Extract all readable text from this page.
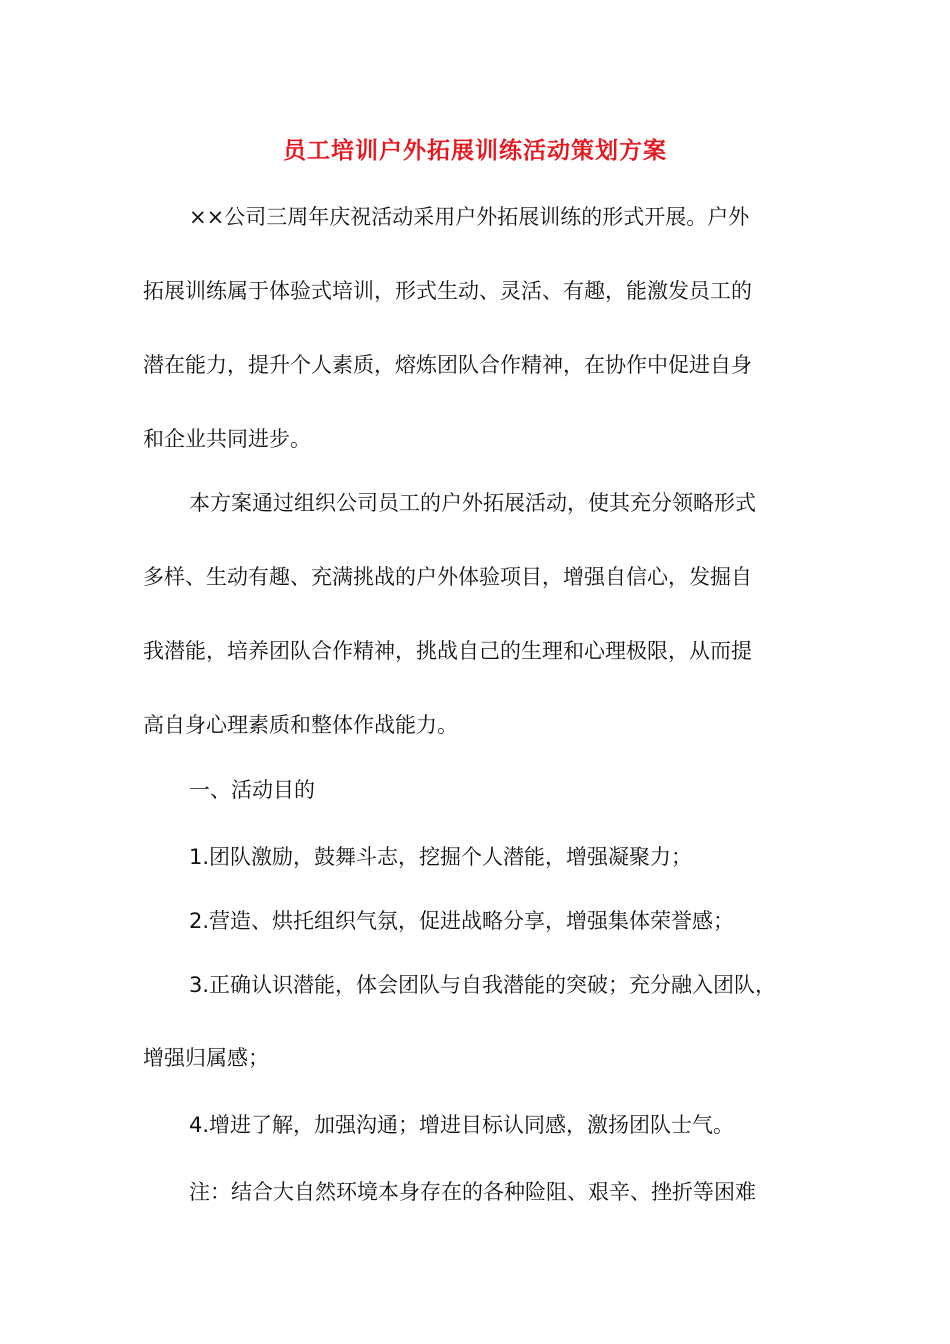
员工培训户外拓展训练活动策划方案
××公司三周年庆祝活动采用户外拓展训练的形式开展。户外
拓展训练属于体验式培训，形式生动、灵活、有趣，能激发员工的
潜在能力，提升个人素质，熔炼团队合作精神，在协作中促进自身
和企业共同进步。
本方案通过组织公司员工的户外拓展活动，使其充分领略形式
多样、生动有趣、充满挑战的户外体验项目，增强自信心，发掘自
我潜能，培养团队合作精神，挑战自己的生理和心理极限，从而提
高自身心理素质和整体作战能力。
一、活动目的
1.团队激励，鼓舞斗志，挖掘个人潜能，增强凝聚力；
2.营造、烘托组织气氛，促进战略分享，增强集体荣誉感；
3.正确认识潜能，体会团队与自我潜能的突破；充分融入团队，
增强归属感；
4.增进了解，加强沟通；增进目标认同感，激扬团队士气。
注：结合大自然环境本身存在的各种险阻、艰辛、挫折等困难
